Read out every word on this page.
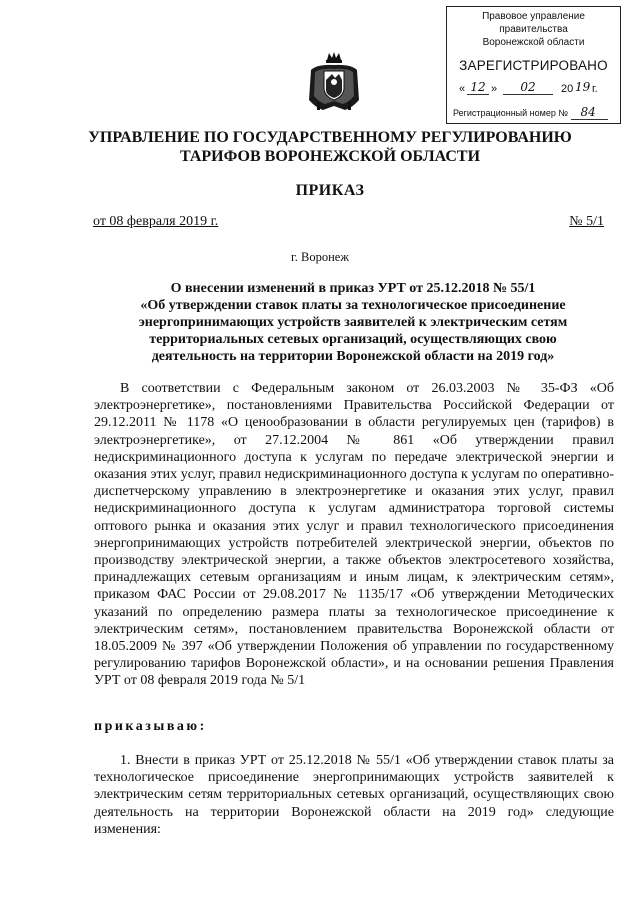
Правовое управление правительства
Воронежской области
ЗАРЕГИСТРИРОВАНО
« 12 »	02	20 19 г.
Регистрационный номер № 84
УПРАВЛЕНИЕ ПО ГОСУДАРСТВЕННОМУ РЕГУЛИРОВАНИЮ
ТАРИФОВ ВОРОНЕЖСКОЙ ОБЛАСТИ
ПРИКАЗ
от 08 февраля 2019 г.	№ 5/1
г. Воронеж
О внесении изменений в приказ УРТ от 25.12.2018 № 55/1
«Об утверждении ставок платы за технологическое присоединение
энергопринимающих устройств заявителей к электрическим сетям
территориальных сетевых организаций, осуществляющих свою
деятельность на территории Воронежской области на 2019 год»
В соответствии с Федеральным законом от 26.03.2003 № 35-ФЗ «Об электроэнергетике», постановлениями Правительства Российской Федерации от 29.12.2011 № 1178 «О ценообразовании в области регулируемых цен (тарифов) в электроэнергетике», от 27.12.2004 № 861 «Об утверждении правил недискриминационного доступа к услугам по передаче электрической энергии и оказания этих услуг, правил недискриминационного доступа к услугам по оперативно-диспетчерскому управлению в электроэнергетике и оказания этих услуг, правил недискриминационного доступа к услугам администратора торговой системы оптового рынка и оказания этих услуг и правил технологического присоединения энергопринимающих устройств потребителей электрической энергии, объектов по производству электрической энергии, а также объектов электросетевого хозяйства, принадлежащих сетевым организациям и иным лицам, к электрическим сетям», приказом ФАС России от 29.08.2017 № 1135/17 «Об утверждении Методических указаний по определению размера платы за технологическое присоединение к электрическим сетям», постановлением правительства Воронежской области от 18.05.2009 № 397 «Об утверждении Положения об управлении по государственному регулированию тарифов Воронежской области», и на основании решения Правления УРТ от 08 февраля 2019 года № 5/1
приказываю:
1. Внести в приказ УРТ от 25.12.2018 № 55/1 «Об утверждении ставок платы за технологическое присоединение энергопринимающих устройств заявителей к электрическим сетям территориальных сетевых организаций, осуществляющих свою деятельность на территории Воронежской области на 2019 год» следующие изменения:
